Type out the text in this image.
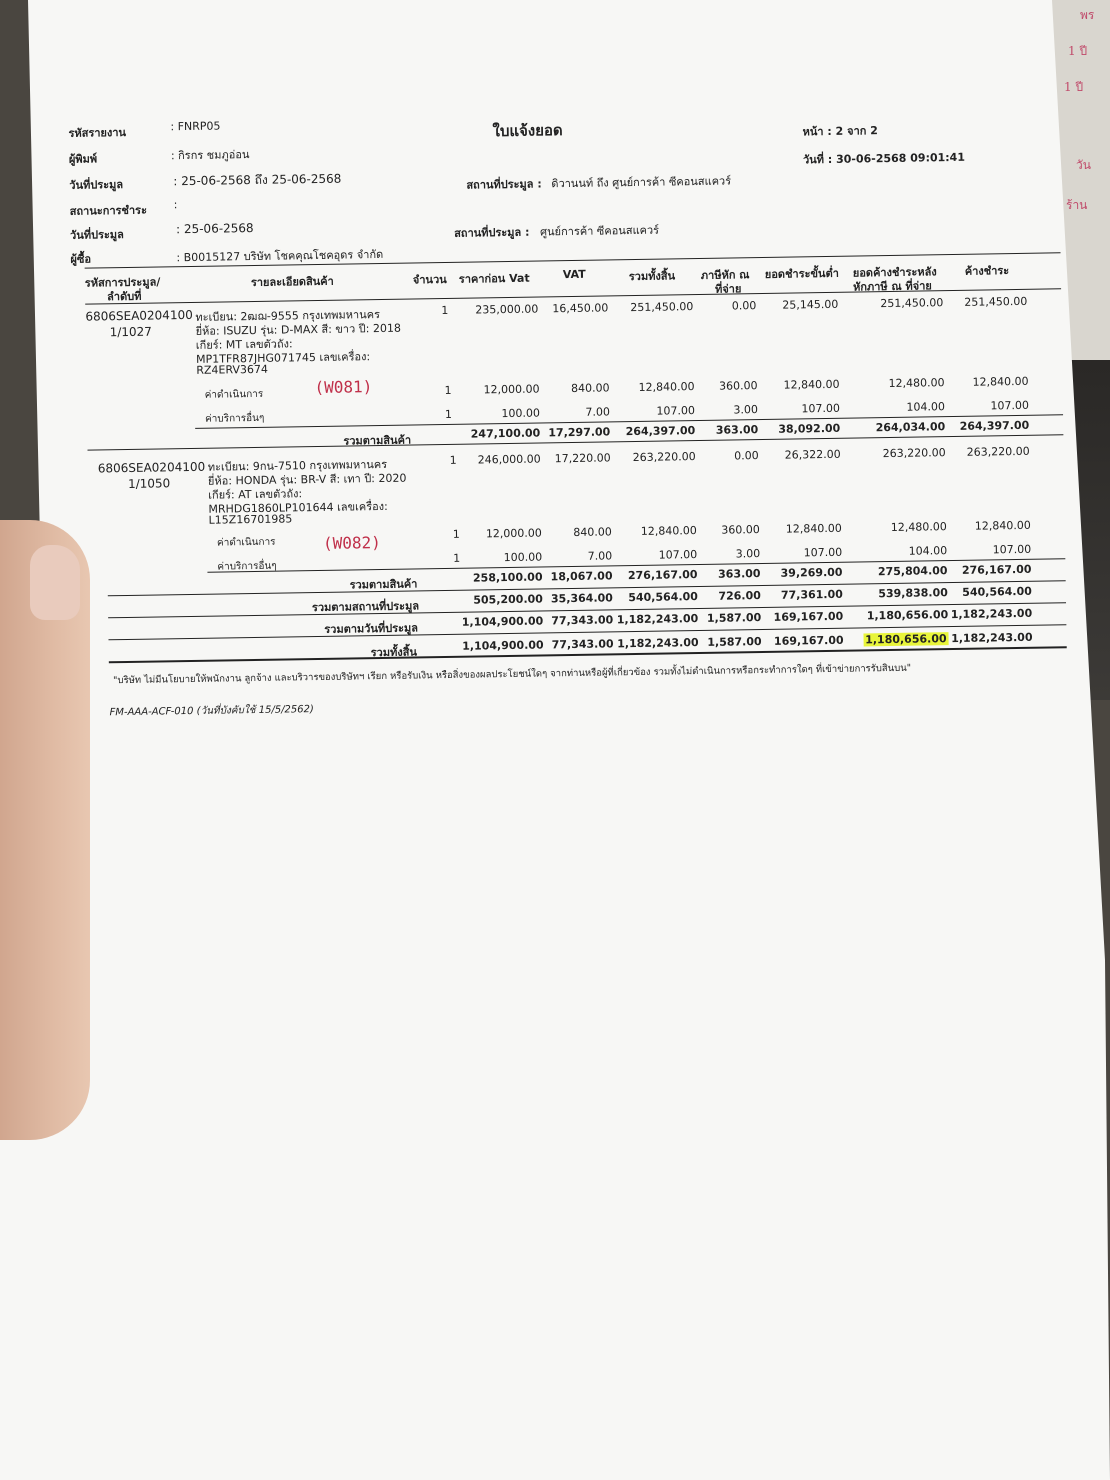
พร
1 ปี
1 ปี
วัน
ร้าน
รหัสรายงาน	: FNRP05
ผู้พิมพ์	: กิรกร ชมภูอ่อน
วันที่ประมูล	: 25-06-2568 ถึง 25-06-2568
สถานะการชำระ :
วันที่ประมูล	: 25-06-2568
ผู้ซื้อ	: B0015127 บริษัท โชคคุณโชคอุดร จำกัด
ใบแจ้งยอด
สถานที่ประมูล : ดิวานนท์ ถึง ศูนย์การค้า ซีคอนสแควร์
สถานที่ประมูล : ศูนย์การค้า ซีคอนสแควร์
หน้า : 2 จาก 2
วันที่ : 30-06-2568 09:01:41
รหัสการประมูล/
ลำดับที่
รายละเอียดสินค้า	จำนวน ราคาก่อน Vat	VAT	รวมทั้งสิ้น ภาษีหัก ณ
ที่จ่าย
ยอดชำระขั้นต่ำ ยอดค้างชำระหลัง
หักภาษี ณ ที่จ่าย
ค้างชำระ
6806SEA0204100
1/1027
ทะเบียน: 2ฒฌ-9555 กรุงเทพมหานคร
ยี่ห้อ: ISUZU รุ่น: D-MAX สี: ขาว ปี: 2018
เกียร์: MT เลขตัวถัง:
MP1TFR87JHG071745 เลขเครื่อง:
RZ4ERV3674
1	235,000.00	16,450.00	251,450.00	0.00	25,145.00	251,450.00	251,450.00
ค่าดำเนินการ	(W081)	1	12,000.00	840.00	12,840.00	360.00	12,840.00	12,480.00	12,840.00
ค่าบริการอื่นๆ	1	100.00	7.00	107.00	3.00	107.00	104.00	107.00
รวมตามสินค้า	247,100.00 17,297.00	264,397.00	363.00	38,092.00	264,034.00	264,397.00
6806SEA0204100
1/1050
ทะเบียน: 9กน-7510 กรุงเทพมหานคร
ยี่ห้อ: HONDA รุ่น: BR-V สี: เทา ปี: 2020
เกียร์: AT เลขตัวถัง:
MRHDG1860LP101644 เลขเครื่อง:
L15Z16701985
1	246,000.00	17,220.00	263,220.00	0.00	26,322.00	263,220.00	263,220.00
ค่าดำเนินการ	(W082)	1	12,000.00	840.00	12,840.00	360.00	12,840.00	12,480.00	12,840.00
ค่าบริการอื่นๆ
1	100.00	7.00	107.00	3.00	107.00	104.00	107.00
รวมตามสินค้า	258,100.00 18,067.00	276,167.00	363.00	39,269.00	275,804.00	276,167.00
รวมตามสถานที่ประมูล	505,200.00 35,364.00	540,564.00	726.00	77,361.00	539,838.00	540,564.00
รวมตามวันที่ประมูล	1,104,900.00 77,343.00 1,182,243.00 1,587.00	169,167.00	1,180,656.00 1,182,243.00
รวมทั้งสิ้น	1,104,900.00 77,343.00 1,182,243.00 1,587.00	169,167.00	1,180,656.00 1,182,243.00
"บริษัท ไม่มีนโยบายให้พนักงาน ลูกจ้าง และบริวารของบริษัทฯ เรียก หรือรับเงิน หรือสิ่งของผลประโยชน์ใดๆ จากท่านหรือผู้ที่เกี่ยวข้อง รวมทั้งไม่ดำเนินการหรือกระทำการใดๆ ที่เข้าข่ายการรับสินบน"
FM-AAA-ACF-010 (วันที่บังคับใช้ 15/5/2562)
